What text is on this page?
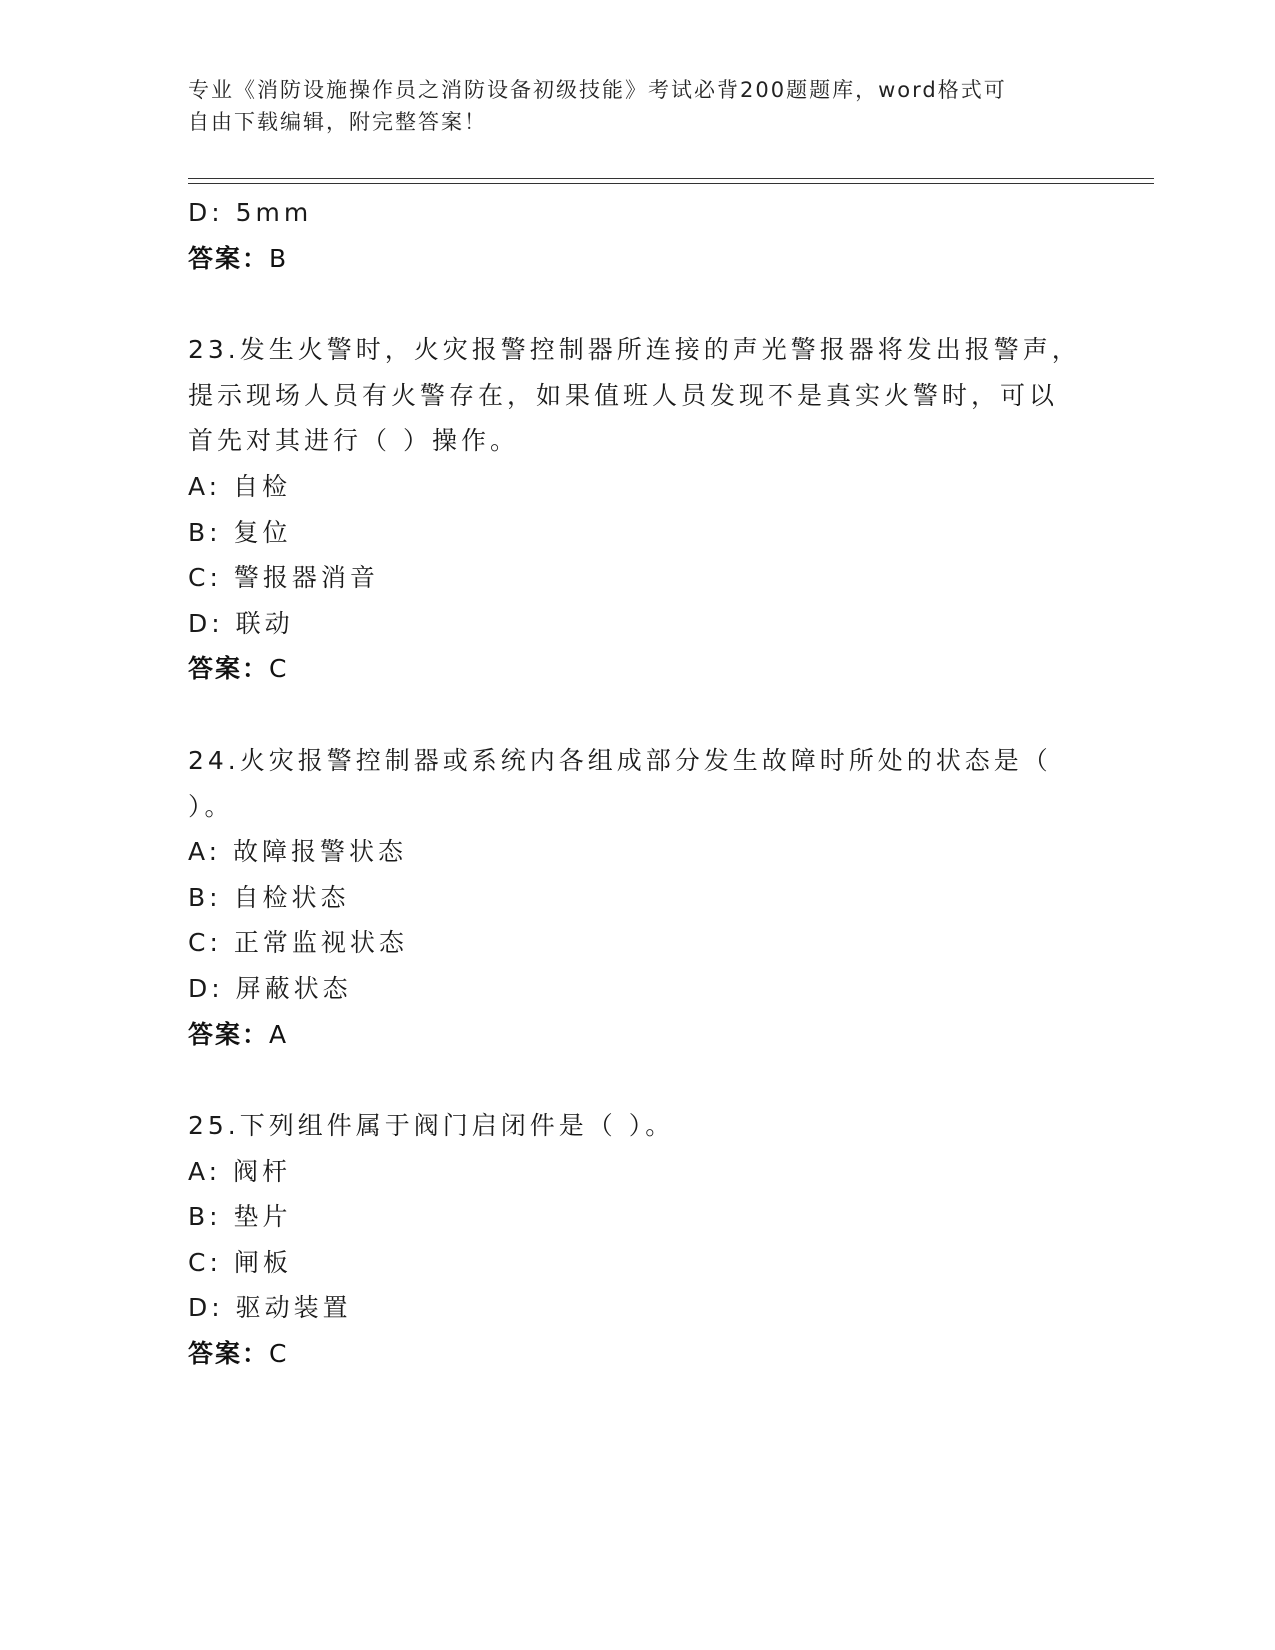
专业《消防设施操作员之消防设备初级技能》考试必背200题题库，word格式可
自由下载编辑，附完整答案！
D: 5mm
答案：B
23.发生火警时，火灾报警控制器所连接的声光警报器将发出报警声，
提示现场人员有火警存在，如果值班人员发现不是真实火警时，可以
首先对其进行（ ）操作。
A: 自检
B: 复位
C: 警报器消音
D: 联动
答案：C
24.火灾报警控制器或系统内各组成部分发生故障时所处的状态是（
）。
A: 故障报警状态
B: 自检状态
C: 正常监视状态
D: 屏蔽状态
答案：A
25.下列组件属于阀门启闭件是（ ）。
A: 阀杆
B: 垫片
C: 闸板
D: 驱动装置
答案：C
